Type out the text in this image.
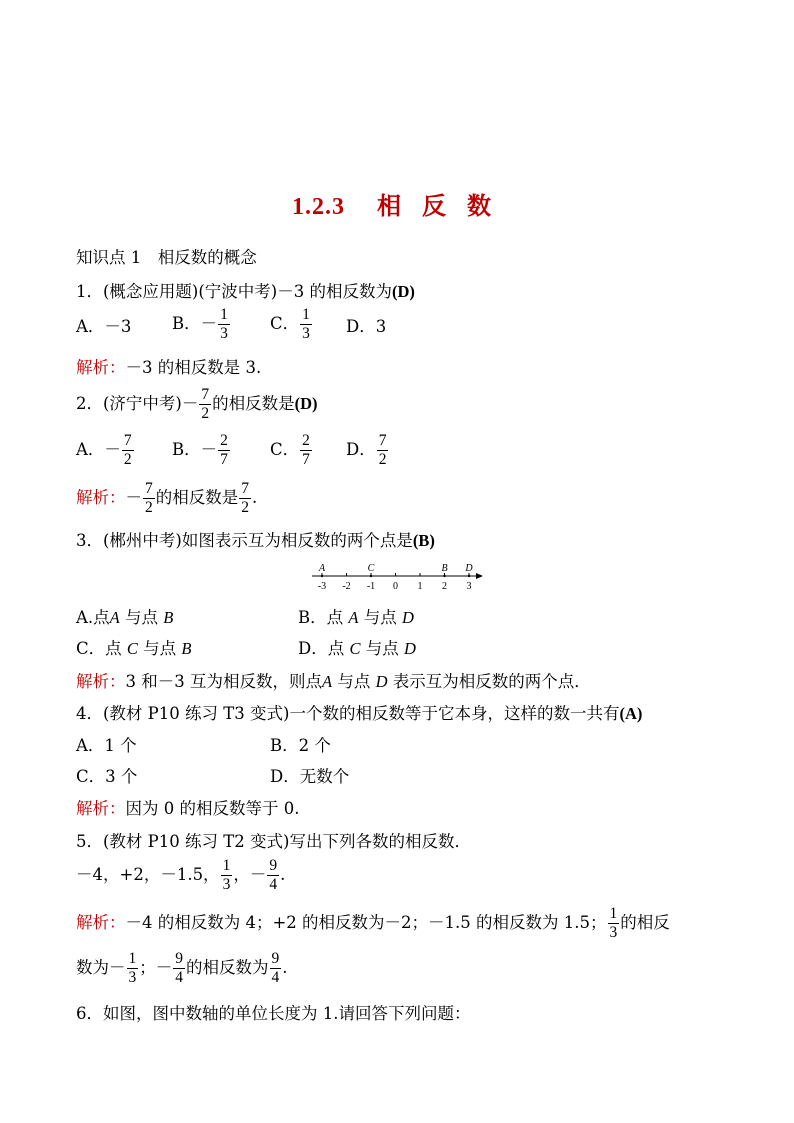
1.2.3 相 反 数
知识点 1　相反数的概念
1．(概念应用题)(宁波中考)－3 的相反数为(D)
A．－3 B．－ $\frac{1}{3}$ C． $\frac{1}{3}$ D．3
解析：－3 的相反数是 3.
2．(济宁中考)－ $\frac{7}{2}$ 的相反数是(D)
A．－ $\frac{7}{2}$ B．－ $\frac{2}{7}$ C． $\frac{2}{7}$ D． $\frac{7}{2}$
解析：－ $\frac{7}{2}$ 的相反数是 $\frac{7}{2}$ .
3．(郴州中考)如图表示互为相反数的两个点是(B)
-3 -2 -1 0 1 2 3
A	C	B D
A.点A 与点 B	B．点 A 与点 D
C．点 C 与点 B	D．点 C 与点 D
解析：3 和－3 互为相反数，则点A 与点 D 表示互为相反数的两个点．
4．(教材 P10 练习 T3 变式)一个数的相反数等于它本身，这样的数一共有(A)
A．1 个	B．2 个
C．3 个	D．无数个
解析：因为 0 的相反数等于 0.
5．(教材 P10 练习 T2 变式)写出下列各数的相反数．
－4，+2，－1.5， $\frac{1}{3}$ ，－ $\frac{9}{4}$ .
解析：－4 的相反数为 4；+2 的相反数为－2；－1.5 的相反数为 1.5； $\frac{1}{3}$ 的相反
数为－ $\frac{1}{3}$ ；－ $\frac{9}{4}$ 的相反数为 $\frac{9}{4}$ .
6．如图，图中数轴的单位长度为 1.请回答下列问题：
